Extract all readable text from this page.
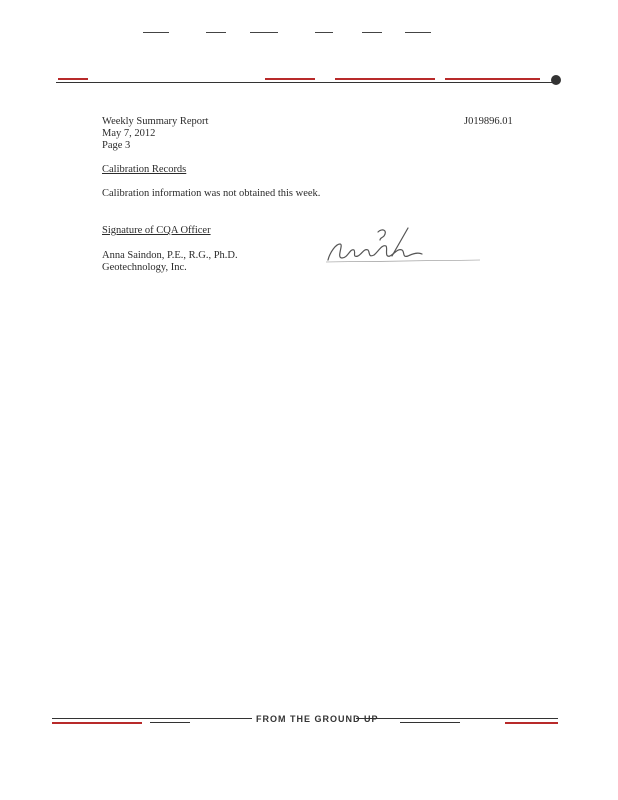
Weekly Summary Report
May 7, 2012
Page 3
J019896.01
Calibration Records
Calibration information was not obtained this week.
Signature of CQA Officer
Anna Saindon, P.E., R.G., Ph.D.
Geotechnology, Inc.
FROM THE GROUND UP
